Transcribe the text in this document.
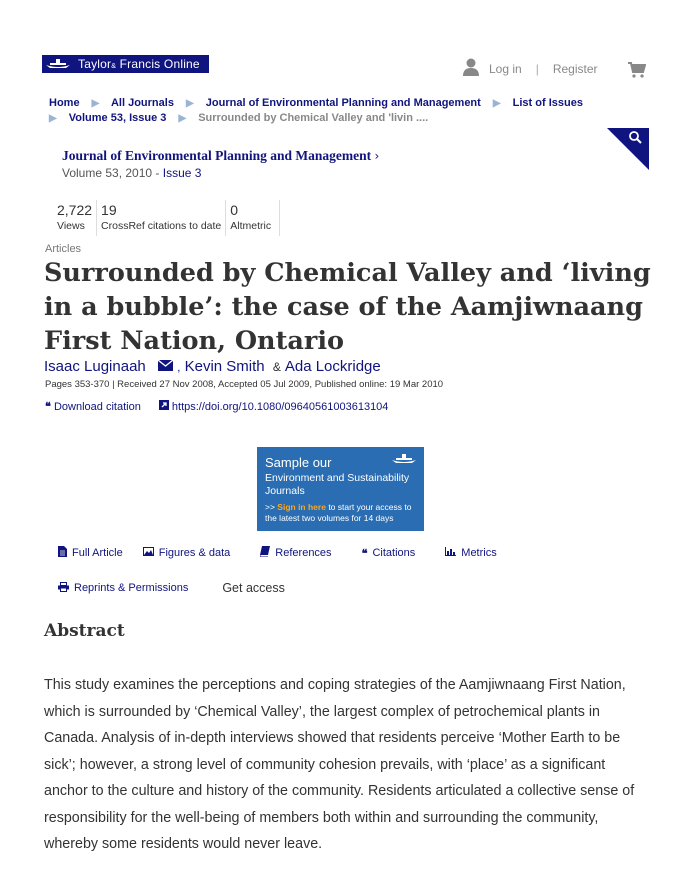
Taylor& Francis Online	Log in | Register
Home ▶ All Journals ▶ Journal of Environmental Planning and Management ▶ List of Issues
▶ Volume 53, Issue 3 ▶ Surrounded by Chemical Valley and 'livin ....
Journal of Environmental Planning and Management ›
Volume 53, 2010 - Issue 3
2,722
Views
19
CrossRef citations to date
0
Altmetric
Articles
Surrounded by Chemical Valley and ‘living in a bubble’: the case of the Aamjiwnaang First Nation, Ontario
Isaac Luginaah	, Kevin Smith & Ada Lockridge
Pages 353-370 | Received 27 Nov 2008, Accepted 05 Jul 2009, Published online: 19 Mar 2010
❝ Download citation	https://doi.org/10.1080/09640561003613104
Sample our
Environment and Sustainability Journals
>> Sign in here to start your access to the latest two volumes for 14 days
Full Article	Figures & data	References	❝ Citations	Metrics
Reprints & Permissions	Get access
Abstract

This study examines the perceptions and coping strategies of the Aamjiwnaang First Nation, which is surrounded by ‘Chemical Valley’, the largest complex of petrochemical plants in Canada. Analysis of in-depth interviews showed that residents perceive ‘Mother Earth to be sick’; however, a strong level of community cohesion prevails, with ‘place’ as a significant anchor to the culture and history of the community. Residents articulated a collective sense of responsibility for the well-being of members both within and surrounding the community, whereby some residents would never leave.
